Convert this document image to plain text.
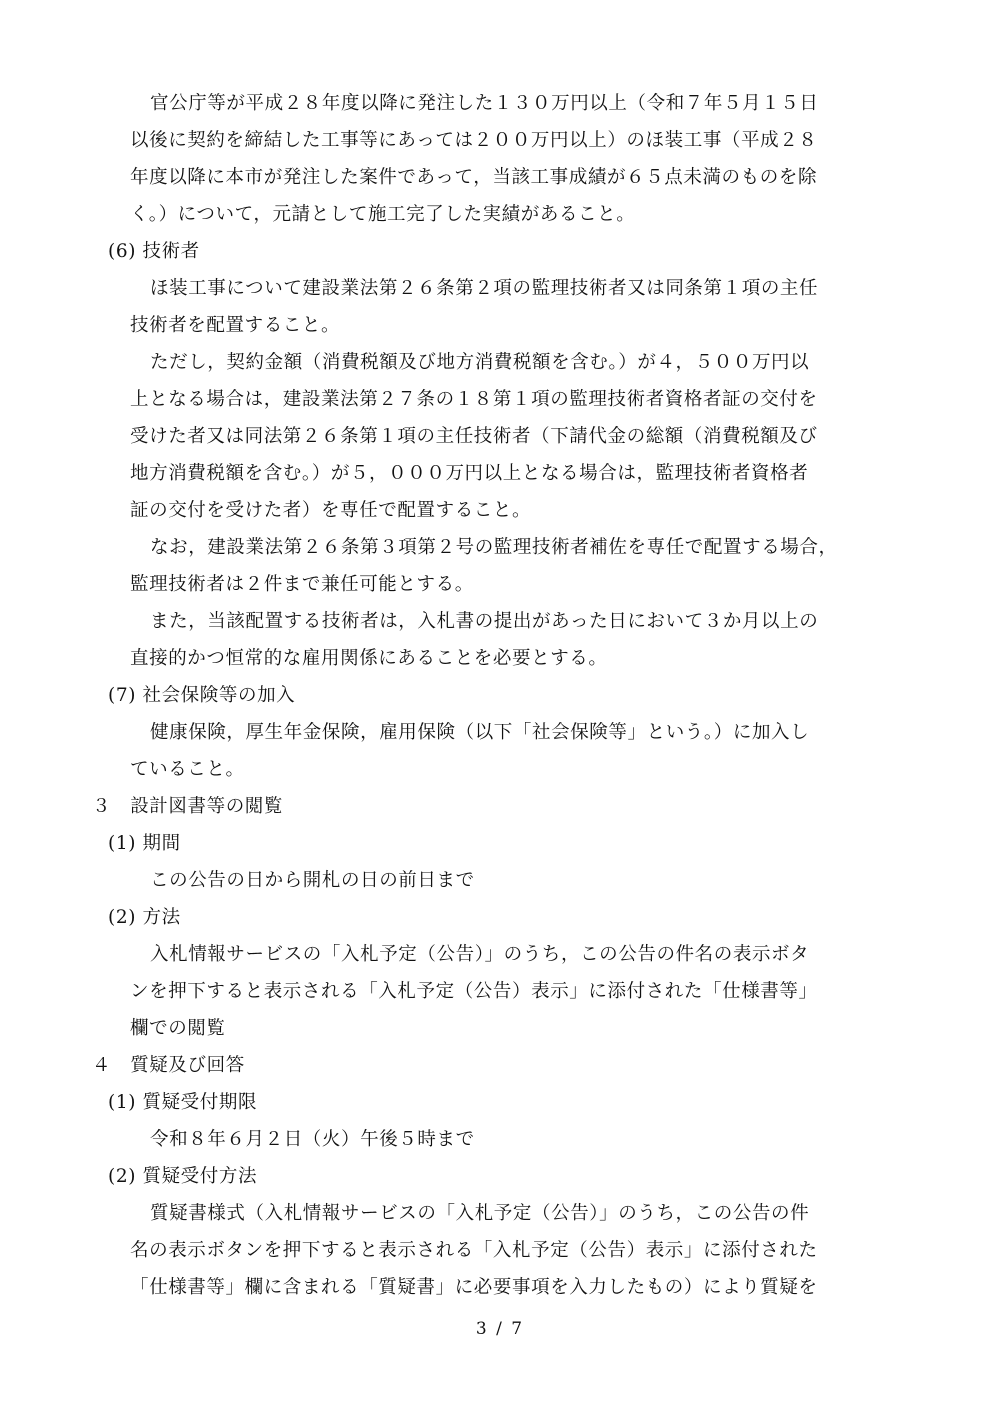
官公庁等が平成２８年度以降に発注した１３０万円以上（令和７年５月１５日
以後に契約を締結した工事等にあっては２００万円以上）のほ装工事（平成２８
年度以降に本市が発注した案件であって，当該工事成績が６５点未満のものを除
く。）について，元請として施工完了した実績があること。
(6) 技術者
ほ装工事について建設業法第２６条第２項の監理技術者又は同条第１項の主任
技術者を配置すること。
ただし，契約金額（消費税額及び地方消費税額を含む。）が４，５００万円以
上となる場合は，建設業法第２７条の１８第１項の監理技術者資格者証の交付を
受けた者又は同法第２６条第１項の主任技術者（下請代金の総額（消費税額及び
地方消費税額を含む。）が５，０００万円以上となる場合は，監理技術者資格者
証の交付を受けた者）を専任で配置すること。
なお，建設業法第２６条第３項第２号の監理技術者補佐を専任で配置する場合，
監理技術者は２件まで兼任可能とする。
また，当該配置する技術者は，入札書の提出があった日において３か月以上の
直接的かつ恒常的な雇用関係にあることを必要とする。
(7) 社会保険等の加入
健康保険，厚生年金保険，雇用保険（以下「社会保険等」という。）に加入し
ていること。
３　設計図書等の閲覧
(1) 期間
この公告の日から開札の日の前日まで
(2) 方法
入札情報サービスの「入札予定（公告）」のうち，この公告の件名の表示ボタ
ンを押下すると表示される「入札予定（公告）表示」に添付された「仕様書等」
欄での閲覧
４　質疑及び回答
(1) 質疑受付期限
令和８年６月２日（火）午後５時まで
(2) 質疑受付方法
質疑書様式（入札情報サービスの「入札予定（公告）」のうち，この公告の件
名の表示ボタンを押下すると表示される「入札予定（公告）表示」に添付された
「仕様書等」欄に含まれる「質疑書」に必要事項を入力したもの）により質疑を
3 / 7
